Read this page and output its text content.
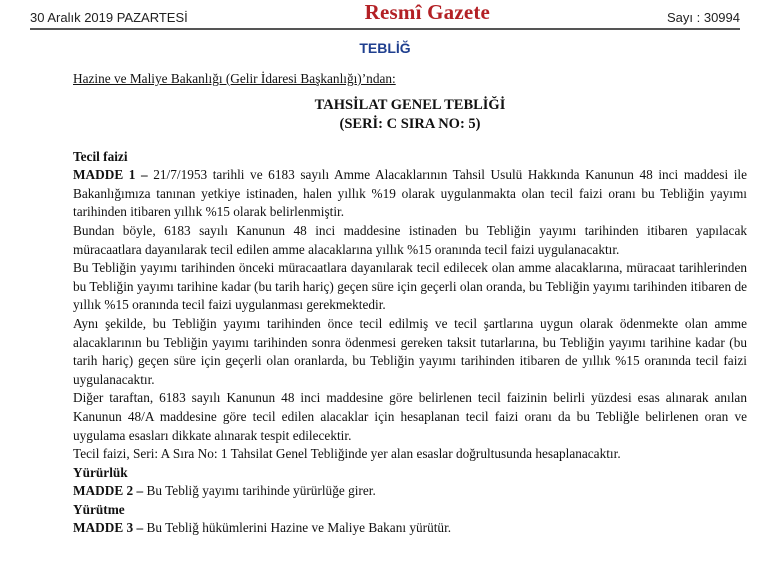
30 Aralık 2019 PAZARTESİ	Resmî Gazete	Sayı : 30994
TEBLİĞ

Hazine ve Maliye Bakanlığı (Gelir İdaresi Başkanlığı)’ndan:

TAHSİLAT GENEL TEBLİĞİ

(SERİ: C SIRA NO: 5)

Tecil faizi

MADDE 1 – 21/7/1953 tarihli ve 6183 sayılı Amme Alacaklarının Tahsil Usulü Hakkında Kanunun 48 inci maddesi ile Bakanlığımıza tanınan yetkiye istinaden, halen yıllık %19 olarak uygulanmakta olan tecil faizi oranı bu Tebliğin yayımı tarihinden itibaren yıllık %15 olarak belirlenmiştir.

Bundan böyle, 6183 sayılı Kanunun 48 inci maddesine istinaden bu Tebliğin yayımı tarihinden itibaren yapılacak müracaatlara dayanılarak tecil edilen amme alacaklarına yıllık %15 oranında tecil faizi uygulanacaktır.

Bu Tebliğin yayımı tarihinden önceki müracaatlara dayanılarak tecil edilecek olan amme alacaklarına, müracaat tarihlerinden bu Tebliğin yayımı tarihine kadar (bu tarih hariç) geçen süre için geçerli olan oranda, bu Tebliğin yayımı tarihinden itibaren de yıllık %15 oranında tecil faizi uygulanması gerekmektedir.

Aynı şekilde, bu Tebliğin yayımı tarihinden önce tecil edilmiş ve tecil şartlarına uygun olarak ödenmekte olan amme alacaklarının bu Tebliğin yayımı tarihinden sonra ödenmesi gereken taksit tutarlarına, bu Tebliğin yayımı tarihine kadar (bu tarih hariç) geçen süre için geçerli olan oranlarda, bu Tebliğin yayımı tarihinden itibaren de yıllık %15 oranında tecil faizi uygulanacaktır.

Diğer taraftan, 6183 sayılı Kanunun 48 inci maddesine göre belirlenen tecil faizinin belirli yüzdesi esas alınarak anılan Kanunun 48/A maddesine göre tecil edilen alacaklar için hesaplanan tecil faizi oranı da bu Tebliğle belirlenen oran ve uygulama esasları dikkate alınarak tespit edilecektir.

Tecil faizi, Seri: A Sıra No: 1 Tahsilat Genel Tebliğinde yer alan esaslar doğrultusunda hesaplanacaktır.

Yürürlük

MADDE 2 – Bu Tebliğ yayımı tarihinde yürürlüğe girer.

Yürütme

MADDE 3 – Bu Tebliğ hükümlerini Hazine ve Maliye Bakanı yürütür.
